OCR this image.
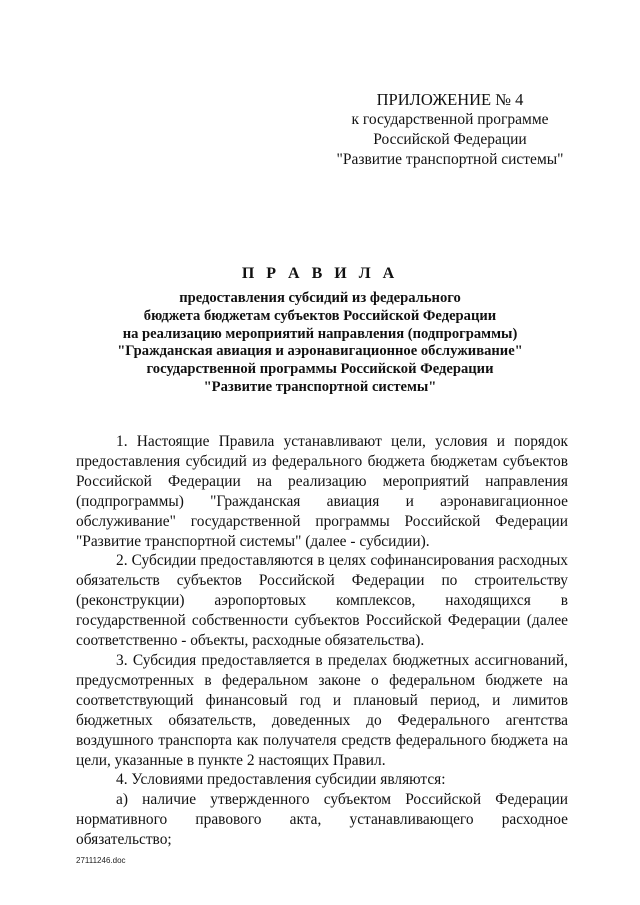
ПРИЛОЖЕНИЕ № 4
к государственной программе
Российской Федерации
"Развитие транспортной системы"
П Р А В И Л А
предоставления субсидий из федерального
бюджета бюджетам субъектов Российской Федерации
на реализацию мероприятий направления (подпрограммы)
"Гражданская авиация и аэронавигационное обслуживание"
государственной программы Российской Федерации
"Развитие транспортной системы"

1. Настоящие Правила устанавливают цели, условия и порядок предоставления субсидий из федерального бюджета бюджетам субъектов Российской Федерации на реализацию мероприятий направления (подпрограммы) "Гражданская авиация и аэронавигационное обслуживание" государственной программы Российской Федерации "Развитие транспортной системы" (далее - субсидии).

2. Субсидии предоставляются в целях софинансирования расходных обязательств субъектов Российской Федерации по строительству (реконструкции) аэропортовых комплексов, находящихся в государственной собственности субъектов Российской Федерации (далее соответственно - объекты, расходные обязательства).

3. Субсидия предоставляется в пределах бюджетных ассигнований, предусмотренных в федеральном законе о федеральном бюджете на соответствующий финансовый год и плановый период, и лимитов бюджетных обязательств, доведенных до Федерального агентства воздушного транспорта как получателя средств федерального бюджета на цели, указанные в пункте 2 настоящих Правил.

4. Условиями предоставления субсидии являются:

а) наличие утвержденного субъектом Российской Федерации нормативного правового акта, устанавливающего расходное обязательство;

27111246.doc
